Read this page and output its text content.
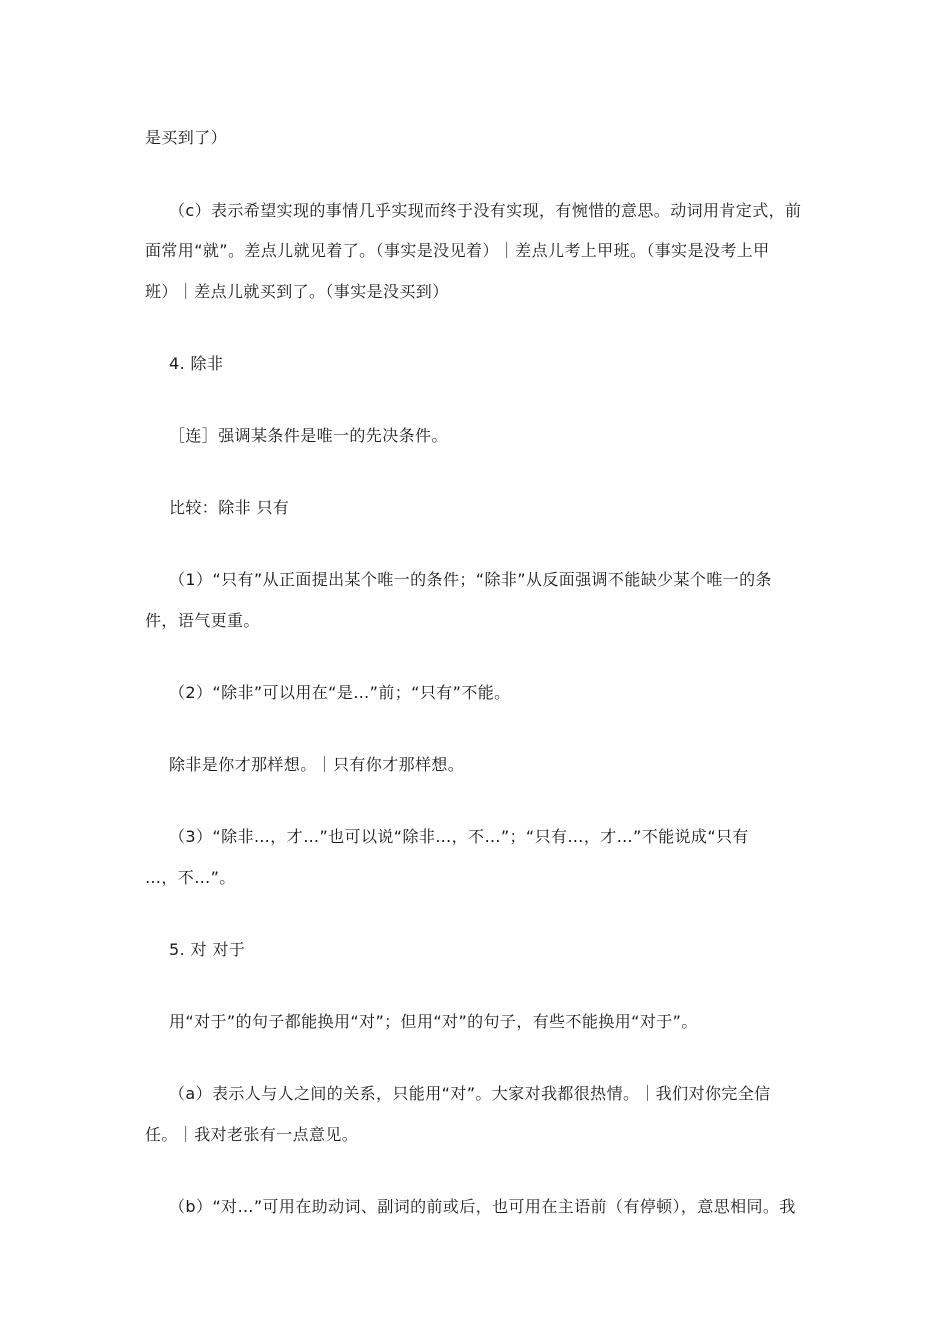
是买到了）
（c）表示希望实现的事情几乎实现而终于没有实现，有惋惜的意思。动词用肯定式，前
面常用“就”。差点儿就见着了。（事实是没见着）｜差点儿考上甲班。（事实是没考上甲
班）｜差点儿就买到了。（事实是没买到）
4. 除非
［连］强调某条件是唯一的先决条件。
比较：除非 只有
（1）“只有”从正面提出某个唯一的条件；“除非”从反面强调不能缺少某个唯一的条
件，语气更重。
（2）“除非”可以用在“是…”前；“只有”不能。
除非是你才那样想。｜只有你才那样想。
（3）“除非…，才…”也可以说“除非…，不…”；“只有…，才…”不能说成“只有
…，不…”。
5. 对 对于
用“对于”的句子都能换用“对”；但用“对”的句子，有些不能换用“对于”。
（a）表示人与人之间的关系，只能用“对”。大家对我都很热情。｜我们对你完全信
任。｜我对老张有一点意见。
（b）“对…”可用在助动词、副词的前或后，也可用在主语前（有停顿），意思相同。我
